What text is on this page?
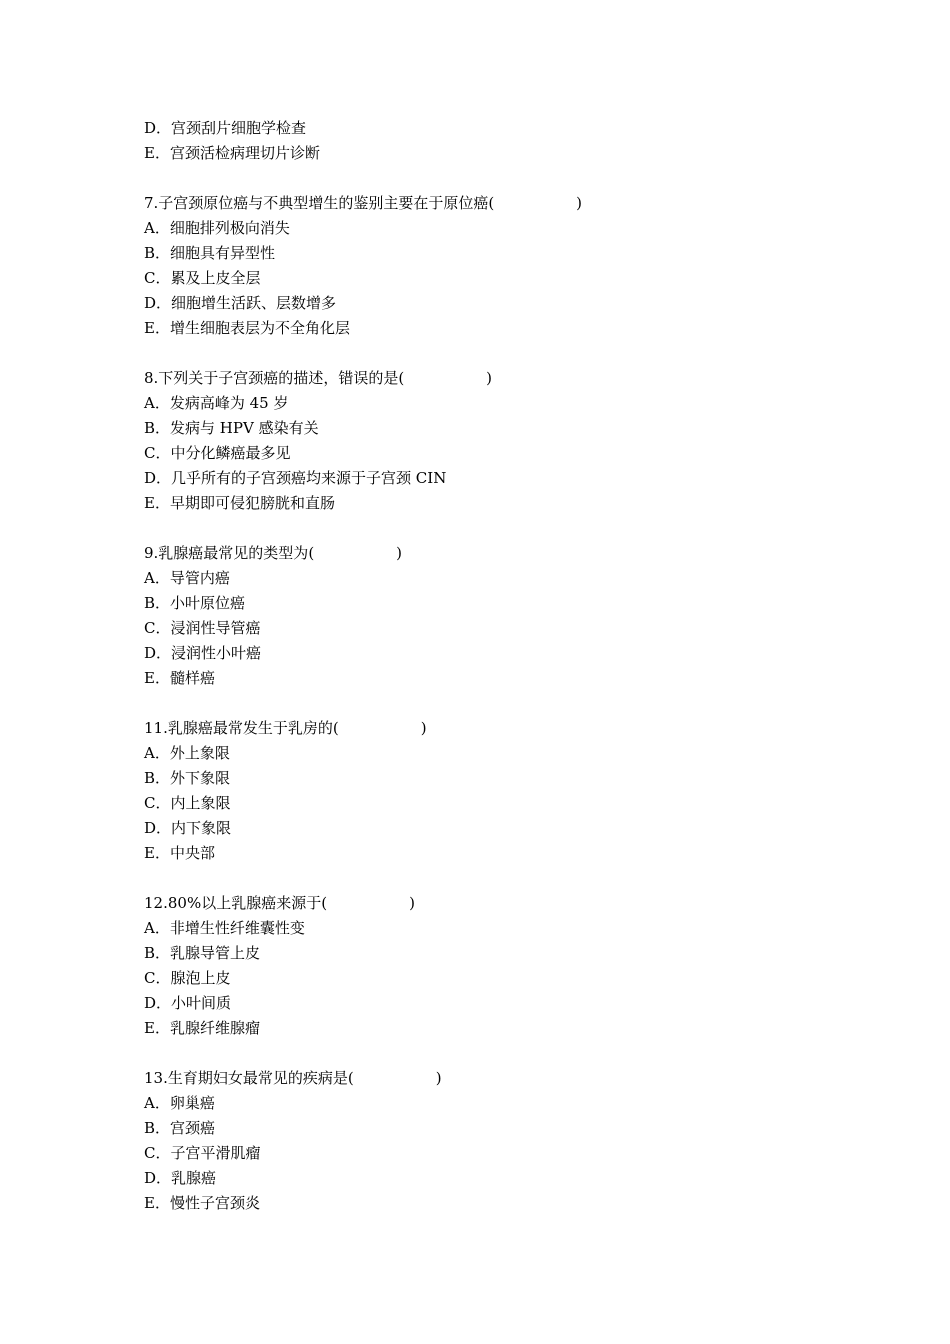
D．宫颈刮片细胞学检查
E．宫颈活检病理切片诊断
7.子宫颈原位癌与不典型增生的鉴别主要在于原位癌(	)
A．细胞排列极向消失
B．细胞具有异型性
C．累及上皮全层
D．细胞增生活跃、层数增多
E．增生细胞表层为不全角化层
8.下列关于子宫颈癌的描述，错误的是(	)
A．发病高峰为 45 岁
B．发病与 HPV 感染有关
C．中分化鳞癌最多见
D．几乎所有的子宫颈癌均来源于子宫颈 CIN
E．早期即可侵犯膀胱和直肠
9.乳腺癌最常见的类型为(	)
A．导管内癌
B．小叶原位癌
C．浸润性导管癌
D．浸润性小叶癌
E．髓样癌
11.乳腺癌最常发生于乳房的(	)
A．外上象限
B．外下象限
C．内上象限
D．内下象限
E．中央部
12.80%以上乳腺癌来源于(	)
A．非增生性纤维囊性变
B．乳腺导管上皮
C．腺泡上皮
D．小叶间质
E．乳腺纤维腺瘤
13.生育期妇女最常见的疾病是(	)
A．卵巢癌
B．宫颈癌
C．子宫平滑肌瘤
D．乳腺癌
E．慢性子宫颈炎
